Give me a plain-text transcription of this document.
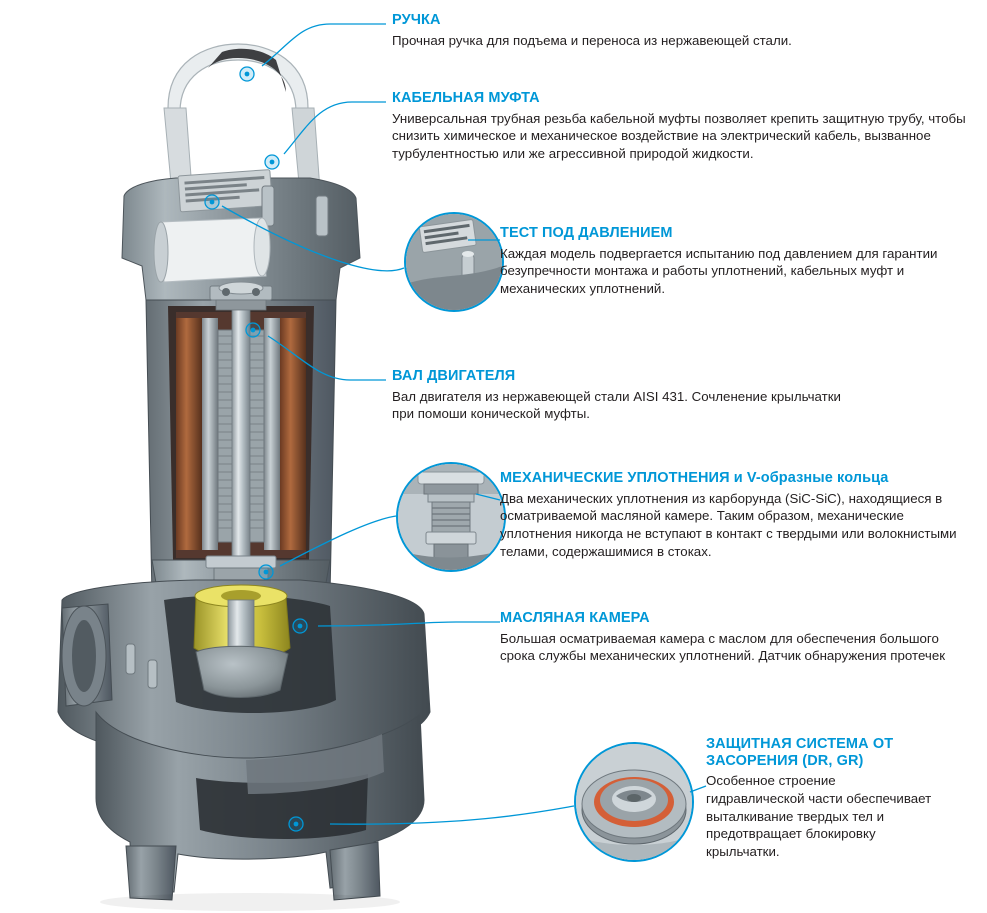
РУЧКА

Прочная ручка для подъема и переноса из нержавеющей стали.

КАБЕЛЬНАЯ МУФТА

Универсальная трубная резьба кабельной муфты позволяет крепить защитную трубу, чтобы снизить химическое и механическое воздействие на электрический кабель, вызванное турбулентностью или же агрессивной природой жидкости.

ТЕСТ ПОД ДАВЛЕНИЕМ

Каждая модель подвергается испытанию под давлением для гарантии безупречности монтажа и работы уплотнений, кабельных муфт и механических уплотнений.

ВАЛ ДВИГАТЕЛЯ

Вал двигателя из нержавеющей стали AISI 431. Сочленение крыльчатки при помоши конической муфты.

МЕХАНИЧЕСКИЕ УПЛОТНЕНИЯ и V-образные кольца

Два механических уплотнения из карборунда (SiC-SiC), находящиеся в осматриваемой масляной камере. Таким образом, механические уплотнения никогда не вступают в контакт с твердыми или волокнистыми телами, содержашимися в стоках.

МАСЛЯНАЯ КАМЕРА

Большая осматриваемая камера с маслом для обеспечения большого срока службы механических уплотнений. Датчик обнаружения протечек

ЗАЩИТНАЯ СИСТЕМА ОТ ЗАСОРЕНИЯ (DR, GR)

Особенное строение гидравлической части обеспечивает выталкивание твердых тел и предотвращает блокировку крыльчатки.
